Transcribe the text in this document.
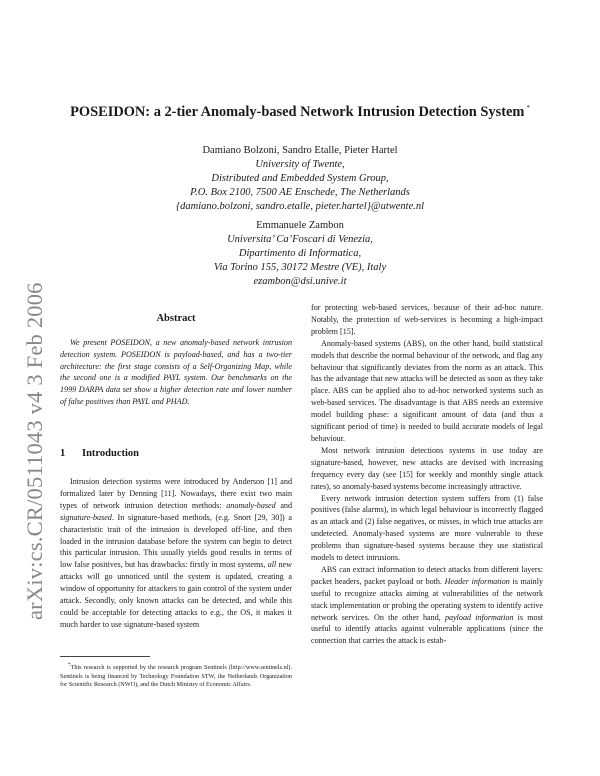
arXiv:cs.CR/0511043 v4 3 Feb 2006
POSEIDON: a 2-tier Anomaly-based Network Intrusion Detection System *
Damiano Bolzoni, Sandro Etalle, Pieter Hartel
University of Twente,
Distributed and Embedded System Group,
P.O. Box 2100, 7500 AE Enschede, The Netherlands
{damiano.bolzoni, sandro.etalle, pieter.hartel}@utwente.nl
Emmanuele Zambon
Universita’ Ca’Foscari di Venezia,
Dipartimento di Informatica,
Via Torino 155, 30172 Mestre (VE), Italy
ezambon@dsi.unive.it
Abstract

We present POSEIDON, a new anomaly-based network intrusion detection system. POSEIDON is payload-based, and has a two-tier architecture: the first stage consists of a Self-Organizing Map, while the second one is a modified PAYL system. Our benchmarks on the 1999 DARPA data set show a higher detection rate and lower number of false positives than PAYL and PHAD.

1 Introduction

Intrusion detection systems were introduced by Anderson [1] and formalized later by Denning [11]. Nowadays, there exist two main types of network intrusion detection methods: anomaly-based and signature-based. In signature-based methods, (e.g. Snort [29, 30]) a characteristic trait of the intrusion is developed off-line, and then loaded in the intrusion database before the system can begin to detect this particular intrusion. This usually yields good results in terms of low false positives, but has drawbacks: firstly in most systems, all new attacks will go unnoticed until the system is updated, creating a window of opportunity for attackers to gain control of the system under attack. Secondly, only known attacks can be detected, and while this could be acceptable for detecting attacks to e.g., the OS, it makes it much harder to use signature-based system

for protecting web-based services, because of their ad-hoc nature. Notably, the protection of web-services is becoming a high-impact problem [15].

Anomaly-based systems (ABS), on the other hand, build statistical models that describe the normal behaviour of the network, and flag any behaviour that significantly deviates from the norm as an attack. This has the advantage that new attacks will be detected as soon as they take place. ABS can be applied also to ad-hoc networked systems such as web-based services. The disadvantage is that ABS needs an extensive model building phase: a significant amount of data (and thus a significant period of time) is needed to build accurate models of legal behaviour.

Most network intrusion detections systems in use today are signature-based, however, new attacks are devised with increasing frequency every day (see [15] for weekly and monthly single attack rates), so anomaly-based systems become increasingly attractive.

Every network intrusion detection system suffers from (1) false positives (false alarms), in which legal behaviour is incorrectly flagged as an attack and (2) false negatives, or misses, in which true attacks are undetected. Anomaly-based systems are more vulnerable to these problems than signature-based systems because they use statistical models to detect intrusions.

ABS can extract information to detect attacks from different layers: packet headers, packet payload or both. Header information is mainly useful to recognize attacks aiming at vulnerabilities of the network stack implementation or probing the operating system to identify active network services. On the other hand, payload information is most useful to identify attacks against vulnerable applications (since the connection that carries the attack is estab-

*This research is supported by the research program Sentinels (http://www.sentinels.nl). Sentinels is being financed by Technology Foundation STW, the Netherlands Organization for Scientific Research (NWO), and the Dutch Ministry of Economic Affairs.
